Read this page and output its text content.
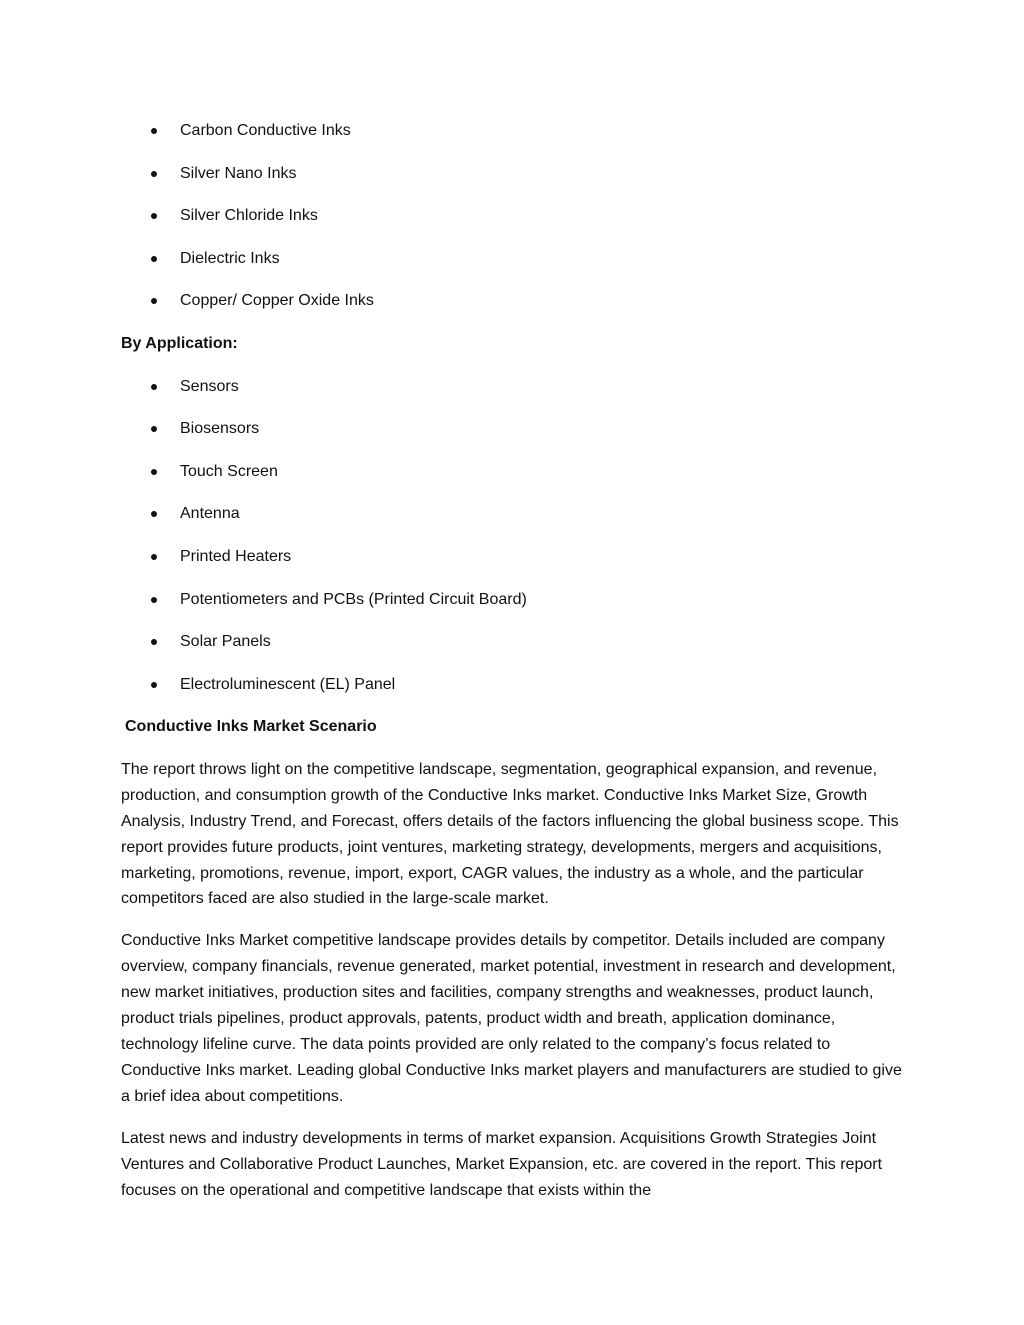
Carbon Conductive Inks
Silver Nano Inks
Silver Chloride Inks
Dielectric Inks
Copper/ Copper Oxide Inks
By Application:
Sensors
Biosensors
Touch Screen
Antenna
Printed Heaters
Potentiometers and PCBs (Printed Circuit Board)
Solar Panels
Electroluminescent (EL) Panel
Conductive Inks Market Scenario

The report throws light on the competitive landscape, segmentation, geographical expansion, and revenue, production, and consumption growth of the Conductive Inks market. Conductive Inks Market Size, Growth Analysis, Industry Trend, and Forecast, offers details of the factors influencing the global business scope. This report provides future products, joint ventures, marketing strategy, developments, mergers and acquisitions, marketing, promotions, revenue, import, export, CAGR values, the industry as a whole, and the particular competitors faced are also studied in the large-scale market.

Conductive Inks Market competitive landscape provides details by competitor. Details included are company overview, company financials, revenue generated, market potential, investment in research and development, new market initiatives, production sites and facilities, company strengths and weaknesses, product launch, product trials pipelines, product approvals, patents, product width and breath, application dominance, technology lifeline curve. The data points provided are only related to the company’s focus related to Conductive Inks market. Leading global Conductive Inks market players and manufacturers are studied to give a brief idea about competitions.

Latest news and industry developments in terms of market expansion. Acquisitions Growth Strategies Joint Ventures and Collaborative Product Launches, Market Expansion, etc. are covered in the report. This report focuses on the operational and competitive landscape that exists within the
